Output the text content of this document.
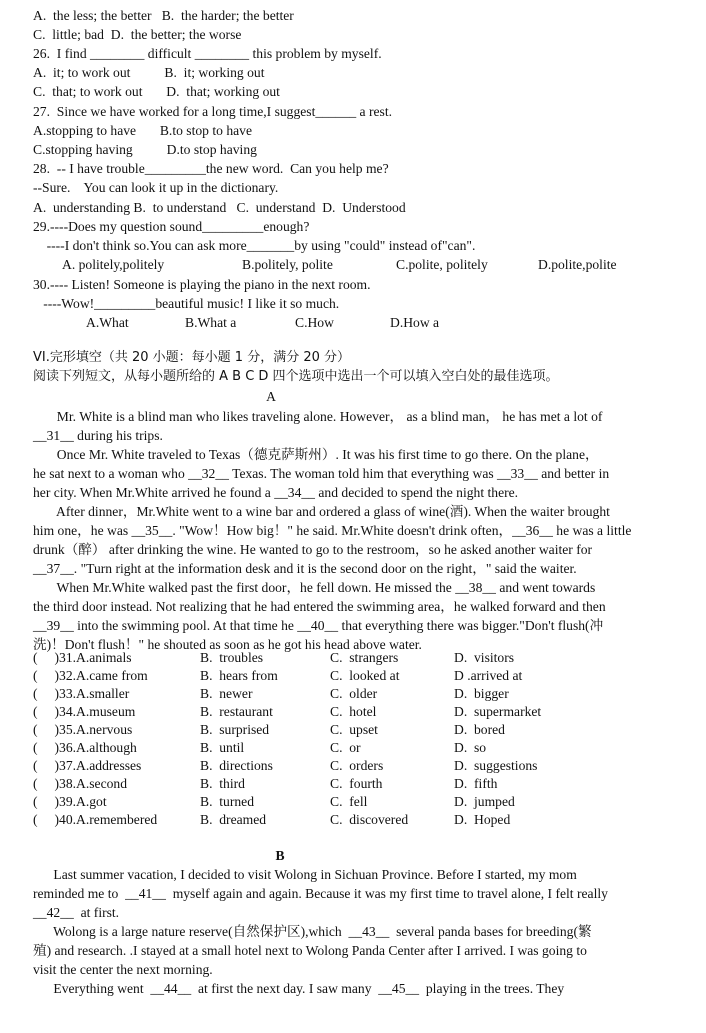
A.  the less; the better   B.  the harder; the better
C.  little; bad  D.  the better; the worse
26.  I find ________ difficult ________ this problem by myself.
A.  it; to work out          B.  it; working out
C.  that; to work out       D.  that; working out
27.  Since we have worked for a long time,I suggest______ a rest.
A.stopping to have       B.to stop to have
C.stopping having          D.to stop having
28.  -- I have trouble_________the new word.  Can you help me?
--Sure.    You can look it up in the dictionary.
A.  understanding B.  to understand   C.  understand  D.  Understood
29.----Does my question sound_________enough?
----I don't think so.You can ask more_______by using "could" instead of"can".
A. politely,politely	B.politely, polite	C.polite, politely	D.polite,polite
30.---- Listen! Someone is playing the piano in the next room.
----Wow!_________beautiful music! I like it so much.
A.What	B.What a	C.How	D.How a
VI.完形填空（共 20 小题：每小题 1 分，满分 20 分）
阅读下列短文，从每小题所给的 A B C D 四个选项中选出一个可以填入空白处的最佳选项。
A
Mr. White is a blind man who likes traveling alone. However， as a blind man， he has met a lot of
__31__ during his trips.
Once Mr. White traveled to Texas（德克萨斯州）. It was his first time to go there. On the plane，
he sat next to a woman who __32__ Texas. The woman told him that everything was __33__ and better in
her city. When Mr.White arrived he found a __34__ and decided to spend the night there.
After dinner，Mr.White went to a wine bar and ordered a glass of wine(酒). When the waiter brought
him one，he was __35__. "Wow！How big！" he said. Mr.White doesn't drink often，__36__ he was a little
drunk（醉） after drinking the wine. He wanted to go to the restroom，so he asked another waiter for
__37__. "Turn right at the information desk and it is the second door on the right，" said the waiter.
When Mr.White walked past the first door，he fell down. He missed the __38__ and went towards
the third door instead. Not realizing that he had entered the swimming area，he walked forward and then
__39__ into the swimming pool. At that time he __40__ that everything there was bigger."Don't flush(冲
洗)！Don't flush！" he shouted as soon as he got his head above water.
(     )31.A.animals	B.  troubles	C.  strangers	D.  visitors
(     )32.A.came from	B.  hears from	C.  looked at	D .arrived at
(     )33.A.smaller	B.  newer	C.  older	D.  bigger
(     )34.A.museum	B.  restaurant	C.  hotel	D.  supermarket
(     )35.A.nervous	B.  surprised	C.  upset	D.  bored
(     )36.A.although	B.  until	C.  or	D.  so
(     )37.A.addresses	B.  directions	C.  orders	D.  suggestions
(     )38.A.second	B.  third	C.  fourth	D.  fifth
(     )39.A.got	B.  turned	C.  fell	D.  jumped
(     )40.A.remembered	B.  dreamed	C.  discovered	D.  Hoped
B
Last summer vacation, I decided to visit Wolong in Sichuan Province. Before I started, my mom
reminded me to  __41__  myself again and again. Because it was my first time to travel alone, I felt really
__42__  at first.
Wolong is a large nature reserve(自然保护区),which  __43__  several panda bases for breeding(繁
殖) and research. .I stayed at a small hotel next to Wolong Panda Center after I arrived. I was going to
visit the center the next morning.
Everything went  __44__  at first the next day. I saw many  __45__  playing in the trees. They
